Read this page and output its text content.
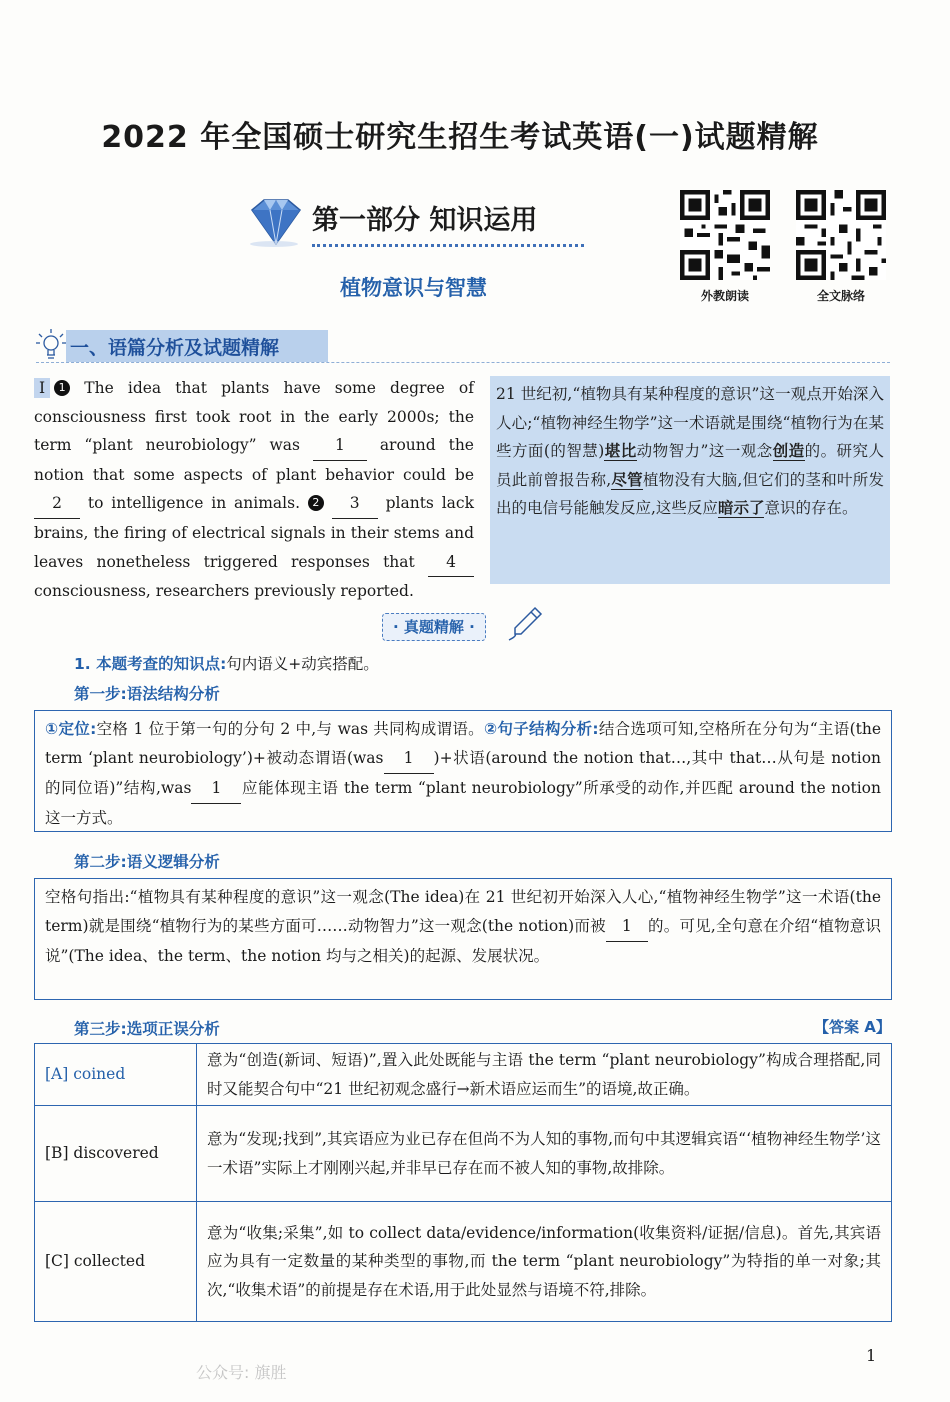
2022 年全国硕士研究生招生考试英语(一)试题精解
第一部分 知识运用
植物意识与智慧	外教朗读	全文脉络
一、语篇分析及试题精解
I 1 The idea that plants have some degree of consciousness first took root in the early 2000s; the term “plant neurobiology” was 1 around the notion that some aspects of plant behavior could be 2 to intelligence in animals. 2 3 plants lack brains, the firing of electrical signals in their stems and leaves nonetheless triggered responses that 4 consciousness, researchers previously reported.
21 世纪初,“植物具有某种程度的意识”这一观点开始深入人心;“植物神经生物学”这一术语就是围绕“植物行为在某些方面(的智慧)堪比动物智力”这一观念创造的。研究人员此前曾报告称,尽管植物没有大脑,但它们的茎和叶所发出的电信号能触发反应,这些反应暗示了意识的存在。
· 真题精解 ·
1. 本题考查的知识点:句内语义+动宾搭配。
第一步:语法结构分析
①定位:空格 1 位于第一句的分句 2 中,与 was 共同构成谓语。②句子结构分析:结合选项可知,空格所在分句为“主语(the term ‘plant neurobiology’)+被动态谓语(was 1 )+状语(around the notion that…,其中 that…从句是 notion 的同位语)”结构,was 1 应能体现主语 the term “plant neurobiology”所承受的动作,并匹配 around the notion 这一方式。
第二步:语义逻辑分析
空格句指出:“植物具有某种程度的意识”这一观念(The idea)在 21 世纪初开始深入人心,“植物神经生物学”这一术语(the term)就是围绕“植物行为的某些方面可……动物智力”这一观念(the notion)而被 1 的。可见,全句意在介绍“植物意识说”(The idea、the term、the notion 均与之相关)的起源、发展状况。
第三步:选项正误分析	【答案 A】
[A] coined	意为“创造(新词、短语)”,置入此处既能与主语 the term “plant neurobiology”构成合理搭配,同时又能契合句中“21 世纪初观念盛行→新术语应运而生”的语境,故正确。
[B] discovered	意为“发现;找到”,其宾语应为业已存在但尚不为人知的事物,而句中其逻辑宾语“‘植物神经生物学’这一术语”实际上才刚刚兴起,并非早已存在而不被人知的事物,故排除。
[C] collected	意为“收集;采集”,如 to collect data/evidence/information(收集资料/证据/信息)。首先,其宾语应为具有一定数量的某种类型的事物,而 the term “plant neurobiology”为特指的单一对象;其次,“收集术语”的前提是存在术语,用于此处显然与语境不符,排除。
1
公众号: 旗胜
